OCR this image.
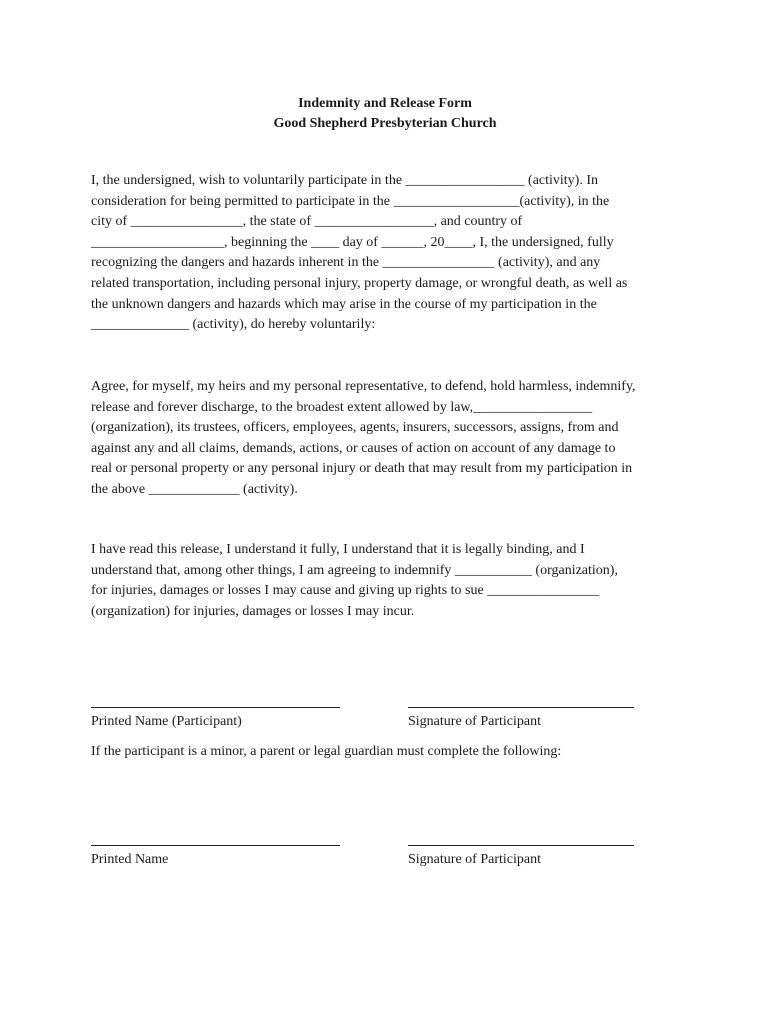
Indemnity and Release Form
Good Shepherd Presbyterian Church

I, the undersigned, wish to voluntarily participate in the _________________ (activity). In
consideration for being permitted to participate in the __________________(activity), in the
city of ________________, the state of _________________, and country of
___________________, beginning the ____ day of ______, 20____, I, the undersigned, fully
recognizing the dangers and hazards inherent in the ________________ (activity), and any
related transportation, including personal injury, property damage, or wrongful death, as well as
the unknown dangers and hazards which may arise in the course of my participation in the
______________ (activity), do hereby voluntarily:

Agree, for myself, my heirs and my personal representative, to defend, hold harmless, indemnify,
release and forever discharge, to the broadest extent allowed by law,_________________
(organization), its trustees, officers, employees, agents, insurers, successors, assigns, from and
against any and all claims, demands, actions, or causes of action on account of any damage to
real or personal property or any personal injury or death that may result from my participation in
the above _____________ (activity).

I have read this release, I understand it fully, I understand that it is legally binding, and I
understand that, among other things, I am agreeing to indemnify ___________ (organization),
for injuries, damages or losses I may cause and giving up rights to sue ________________
(organization) for injuries, damages or losses I may incur.

Printed Name (Participant)	Signature of Participant
If the participant is a minor, a parent or legal guardian must complete the following:
Printed Name	Signature of Participant
